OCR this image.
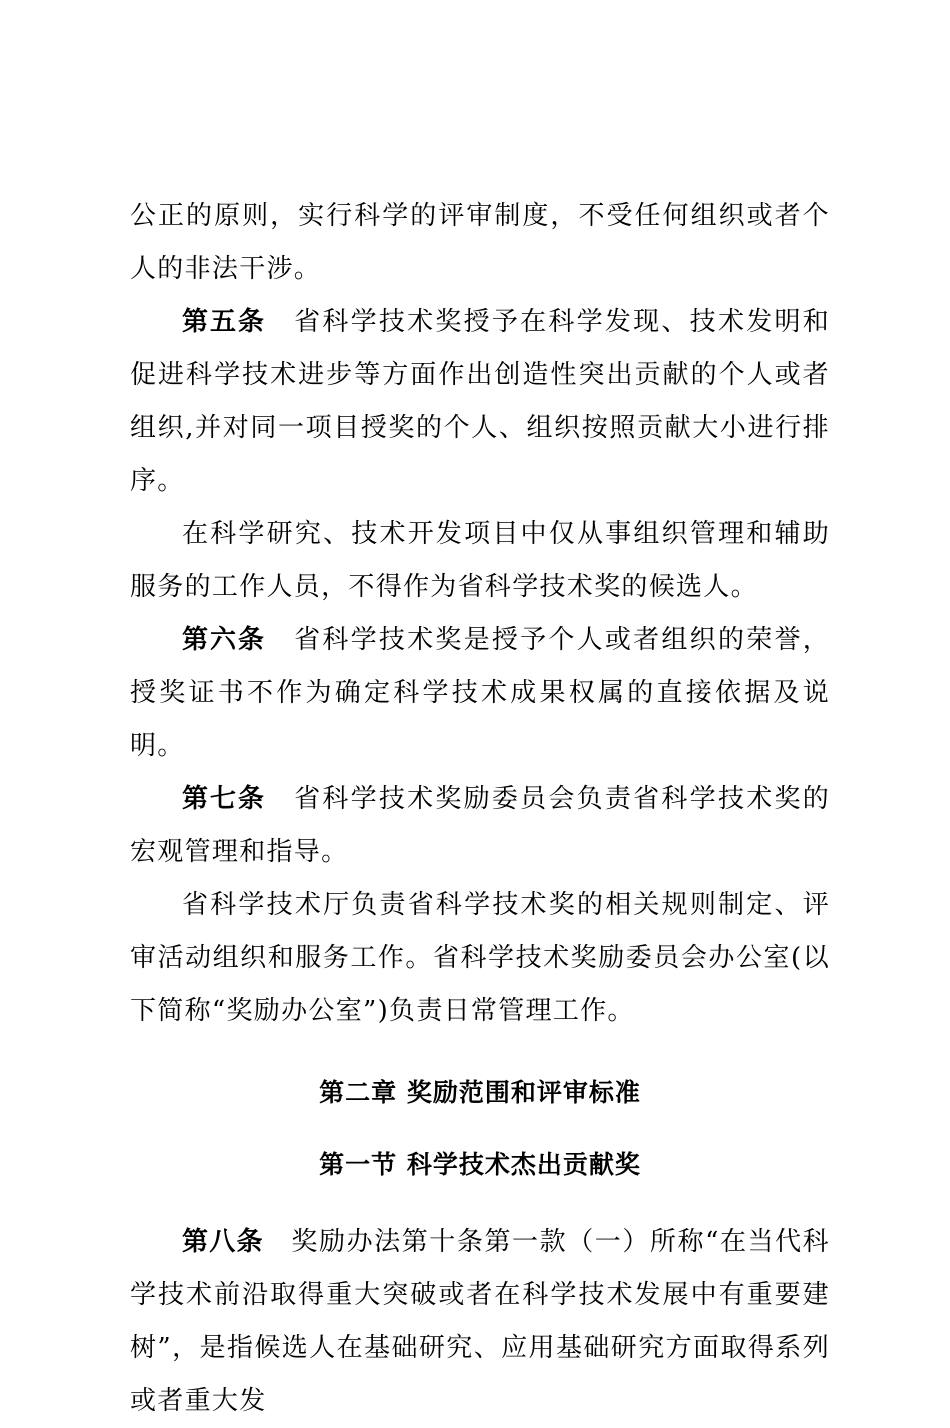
公正的原则，实行科学的评审制度，不受任何组织或者个人的非法干涉。

第五条　 省科学技术奖授予在科学发现、技术发明和促进科学技术进步等方面作出创造性突出贡献的个人或者组织,并对同一项目授奖的个人、组织按照贡献大小进行排序。

在科学研究、技术开发项目中仅从事组织管理和辅助服务的工作人员，不得作为省科学技术奖的候选人。

第六条　 省科学技术奖是授予个人或者组织的荣誉，授奖证书不作为确定科学技术成果权属的直接依据及说明。

第七条　 省科学技术奖励委员会负责省科学技术奖的宏观管理和指导。

省科学技术厅负责省科学技术奖的相关规则制定、评审活动组织和服务工作。省科学技术奖励委员会办公室(以下简称“奖励办公室”)负责日常管理工作。

第二章 奖励范围和评审标准
第一节 科学技术杰出贡献奖

第八条　 奖励办法第十条第一款（一）所称“在当代科学技术前沿取得重大突破或者在科学技术发展中有重要建树”，是指候选人在基础研究、应用基础研究方面取得系列或者重大发
